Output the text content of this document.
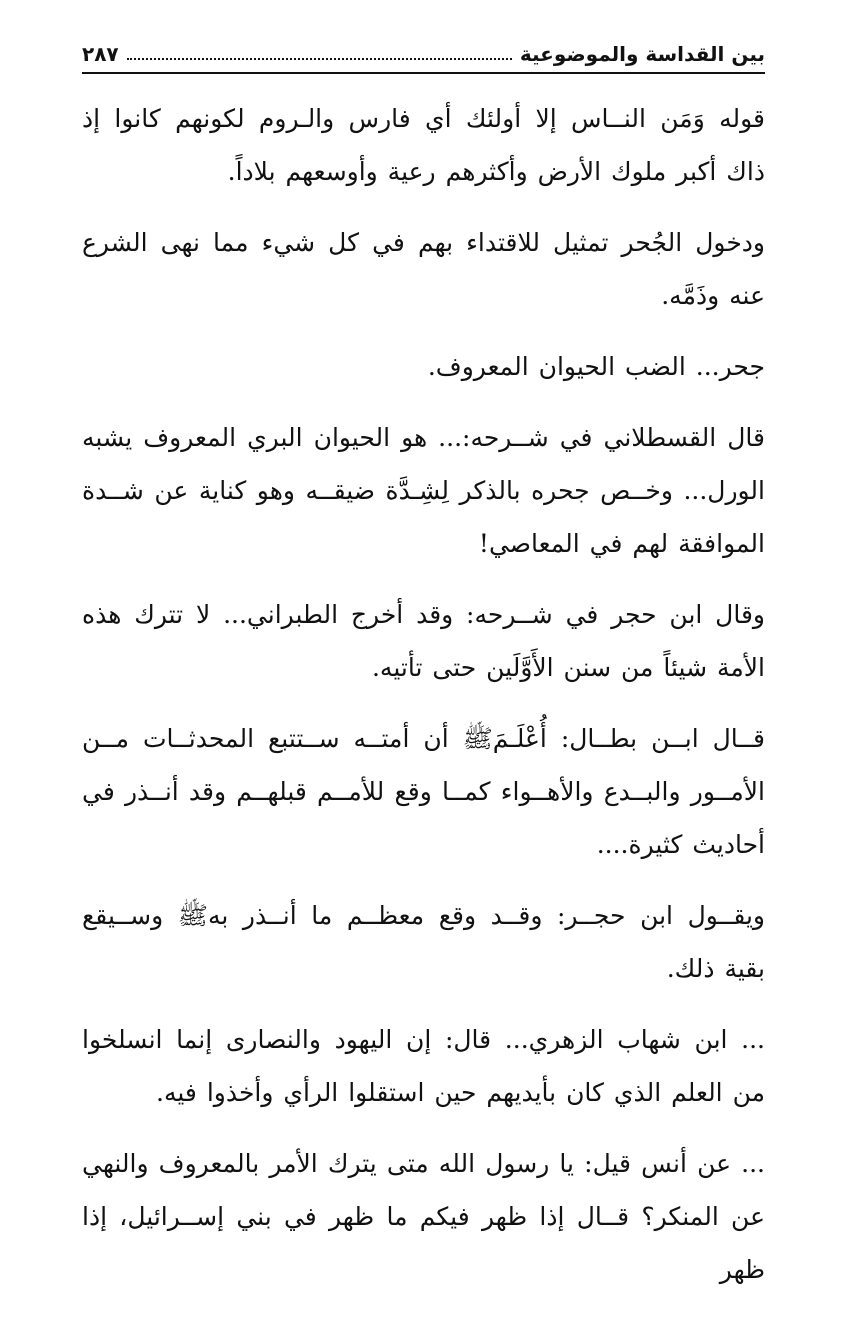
بين القداسة والموضوعية
٢٨٧

قوله وَمَن النــاس إلا أولئك أي فارس والـروم لكونهم كانوا إذ ذاك أكبر ملوك الأرض وأكثرهم رعية وأوسعهم بلاداً.

ودخول الجُحر تمثيل للاقتداء بهم في كل شيء مما نهى الشرع عنه وذَمَّه.

جحر... الضب الحيوان المعروف.

قال القسطلاني في شــرحه:... هو الحيوان البري المعروف يشبه الورل... وخــص جحره بالذكر لِشِـدَّة ضيقــه وهو كناية عن شــدة الموافقة لهم في المعاصي!

وقال ابن حجر في شــرحه: وقد أخرج الطبراني... لا تترك هذه الأمة شيئاً من سنن الأَوَّلَين حتى تأتيه.

قــال ابــن بطــال: أُعْلَـمَﷺ أن أمتــه ســتتبع المحدثــات مــن الأمــور والبــدع والأهــواء كمــا وقع للأمــم قبلهــم وقد أنــذر في أحاديث كثيرة....

ويقــول ابن حجــر: وقــد وقع معظــم ما أنــذر بهﷺ وســيقع بقية ذلك.

... ابن شهاب الزهري... قال: إن اليهود والنصارى إنما انسلخوا من العلم الذي كان بأيديهم حين استقلوا الرأي وأخذوا فيه.

... عن أنس قيل: يا رسول الله متى يترك الأمر بالمعروف والنهي عن المنكر؟ قــال إذا ظهر فيكم ما ظهر في بني إســرائيل، إذا ظهر
